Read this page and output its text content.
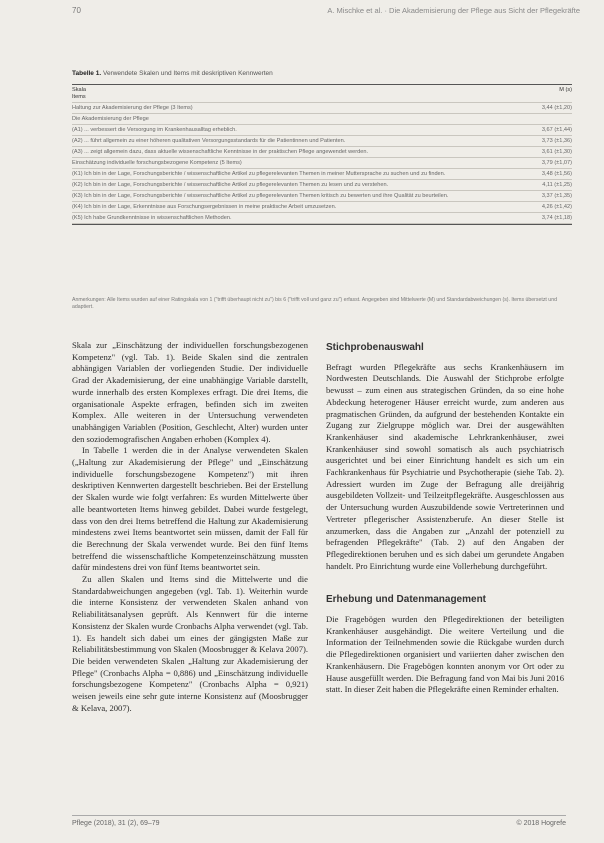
70	A. Mischke et al. · Die Akademisierung der Pflege aus Sicht der Pflegekräfte
Tabelle 1. Verwendete Skalen und Items mit deskriptiven Kennwerten
Skala
Items
M (s)
Haltung zur Akademisierung der Pflege (3 Items)	3,44 (±1,20)
Die Akademisierung der Pflege
(A1) ... verbessert die Versorgung im Krankenhausalltag erheblich.	3,67 (±1,44)
(A2) ... führt allgemein zu einer höheren qualitativen Versorgungsstandards für die Patientinnen und Patienten.	3,73 (±1,36)
(A3) ... zeigt allgemein dazu, dass aktuelle wissenschaftliche Kenntnisse in der praktischen Pflege angewendet werden.	3,61 (±1,30)
Einschätzung individuelle forschungsbezogene Kompetenz (5 Items)	3,79 (±1,07)
(K1) Ich bin in der Lage, Forschungsberichte / wissenschaftliche Artikel zu pflegerelevanten Themen in meiner Muttersprache zu suchen und zu finden.	3,48 (±1,56)
(K2) Ich bin in der Lage, Forschungsberichte / wissenschaftliche Artikel zu pflegerelevanten Themen zu lesen und zu verstehen.	4,11 (±1,25)
(K3) Ich bin in der Lage, Forschungsberichte / wissenschaftliche Artikel zu pflegerelevanten Themen kritisch zu bewerten und ihre Qualität zu beurteilen.	3,37 (±1,35)
(K4) Ich bin in der Lage, Erkenntnisse aus Forschungsergebnissen in meine praktische Arbeit umzusetzen.	4,26 (±1,42)
(K5) Ich habe Grundkenntnisse in wissenschaftlichen Methoden.	3,74 (±1,18)
Anmerkungen: Alle Items wurden auf einer Ratingskala von 1 ("trifft überhaupt nicht zu") bis 6 ("trifft voll und ganz zu") erfasst. Angegeben sind Mittelwerte (M) und Standardabweichungen (s). Items übersetzt und adaptiert.

Skala zur „Einschätzung der individuellen forschungsbezogenen Kompetenz" (vgl. Tab. 1). Beide Skalen sind die zentralen abhängigen Variablen der vorliegenden Studie. Der individuelle Grad der Akademisierung, der eine unabhängige Variable darstellt, wurde innerhalb des ersten Komplexes erfragt. Die drei Items, die organisationale Aspekte erfragen, befinden sich im zweiten Komplex. Alle weiteren in der Untersuchung verwendeten unabhängigen Variablen (Position, Geschlecht, Alter) wurden unter den soziodemografischen Angaben erhoben (Komplex 4).

In Tabelle 1 werden die in der Analyse verwendeten Skalen („Haltung zur Akademisierung der Pflege" und „Einschätzung individuelle forschungsbezogene Kompetenz") mit ihren deskriptiven Kennwerten dargestellt beschrieben. Bei der Erstellung der Skalen wurde wie folgt verfahren: Es wurden Mittelwerte über alle beantworteten Items hinweg gebildet. Dabei wurde festgelegt, dass von den drei Items betreffend die Haltung zur Akademisierung mindestens zwei Items beantwortet sein müssen, damit der Fall für die Berechnung der Skala verwendet wurde. Bei den fünf Items betreffend die wissenschaftliche Kompetenzeinschätzung mussten dafür mindestens drei von fünf Items beantwortet sein.

Zu allen Skalen und Items sind die Mittelwerte und die Standardabweichungen angegeben (vgl. Tab. 1). Weiterhin wurde die interne Konsistenz der verwendeten Skalen anhand von Reliabilitätsanalysen geprüft. Als Kennwert für die interne Konsistenz der Skalen wurde Cronbachs Alpha verwendet (vgl. Tab. 1). Es handelt sich dabei um eines der gängigsten Maße zur Reliabilitätsbestimmung von Skalen (Moosbrugger & Kelava 2007). Die beiden verwendeten Skalen „Haltung zur Akademisierung der Pflege" (Cronbachs Alpha = 0,886) und „Einschätzung individuelle forschungsbezogene Kompetenz" (Cronbachs Alpha = 0,921) weisen jeweils eine sehr gute interne Konsistenz auf (Moosbrugger & Kelava, 2007).

Stichprobenauswahl

Befragt wurden Pflegekräfte aus sechs Krankenhäusern im Nordwesten Deutschlands. Die Auswahl der Stichprobe erfolgte bewusst – zum einen aus strategischen Gründen, da so eine hohe Abdeckung heterogener Häuser erreicht wurde, zum anderen aus pragmatischen Gründen, da aufgrund der bestehenden Kontakte ein Zugang zur Zielgruppe möglich war. Drei der ausgewählten Krankenhäuser sind akademische Lehrkrankenhäuser, zwei Krankenhäuser sind sowohl somatisch als auch psychiatrisch ausgerichtet und bei einer Einrichtung handelt es sich um ein Fachkrankenhaus für Psychiatrie und Psychotherapie (siehe Tab. 2). Adressiert wurden im Zuge der Befragung alle dreijährig ausgebildeten Vollzeit- und Teilzeitpflegekräfte. Ausgeschlossen aus der Untersuchung wurden Auszubildende sowie Vertreterinnen und Vertreter pflegerischer Assistenzberufe. An dieser Stelle ist anzumerken, dass die Angaben zur „Anzahl der potenziell zu befragenden Pflegekräfte" (Tab. 2) auf den Angaben der Pflegedirektionen beruhen und es sich dabei um gerundete Angaben handelt. Pro Einrichtung wurde eine Vollerhebung durchgeführt.

Erhebung und Datenmanagement

Die Fragebögen wurden den Pflegedirektionen der beteiligten Krankenhäuser ausgehändigt. Die weitere Verteilung und die Information der Teilnehmenden sowie die Rückgabe wurden durch die Pflegedirektionen organisiert und variierten daher zwischen den Krankenhäusern. Die Fragebögen konnten anonym vor Ort oder zu Hause ausgefüllt werden. Die Befragung fand von Mai bis Juni 2016 statt. In dieser Zeit haben die Pflegekräfte einen Reminder erhalten.

Pflege (2018), 31 (2), 69–79	© 2018 Hogrefe
